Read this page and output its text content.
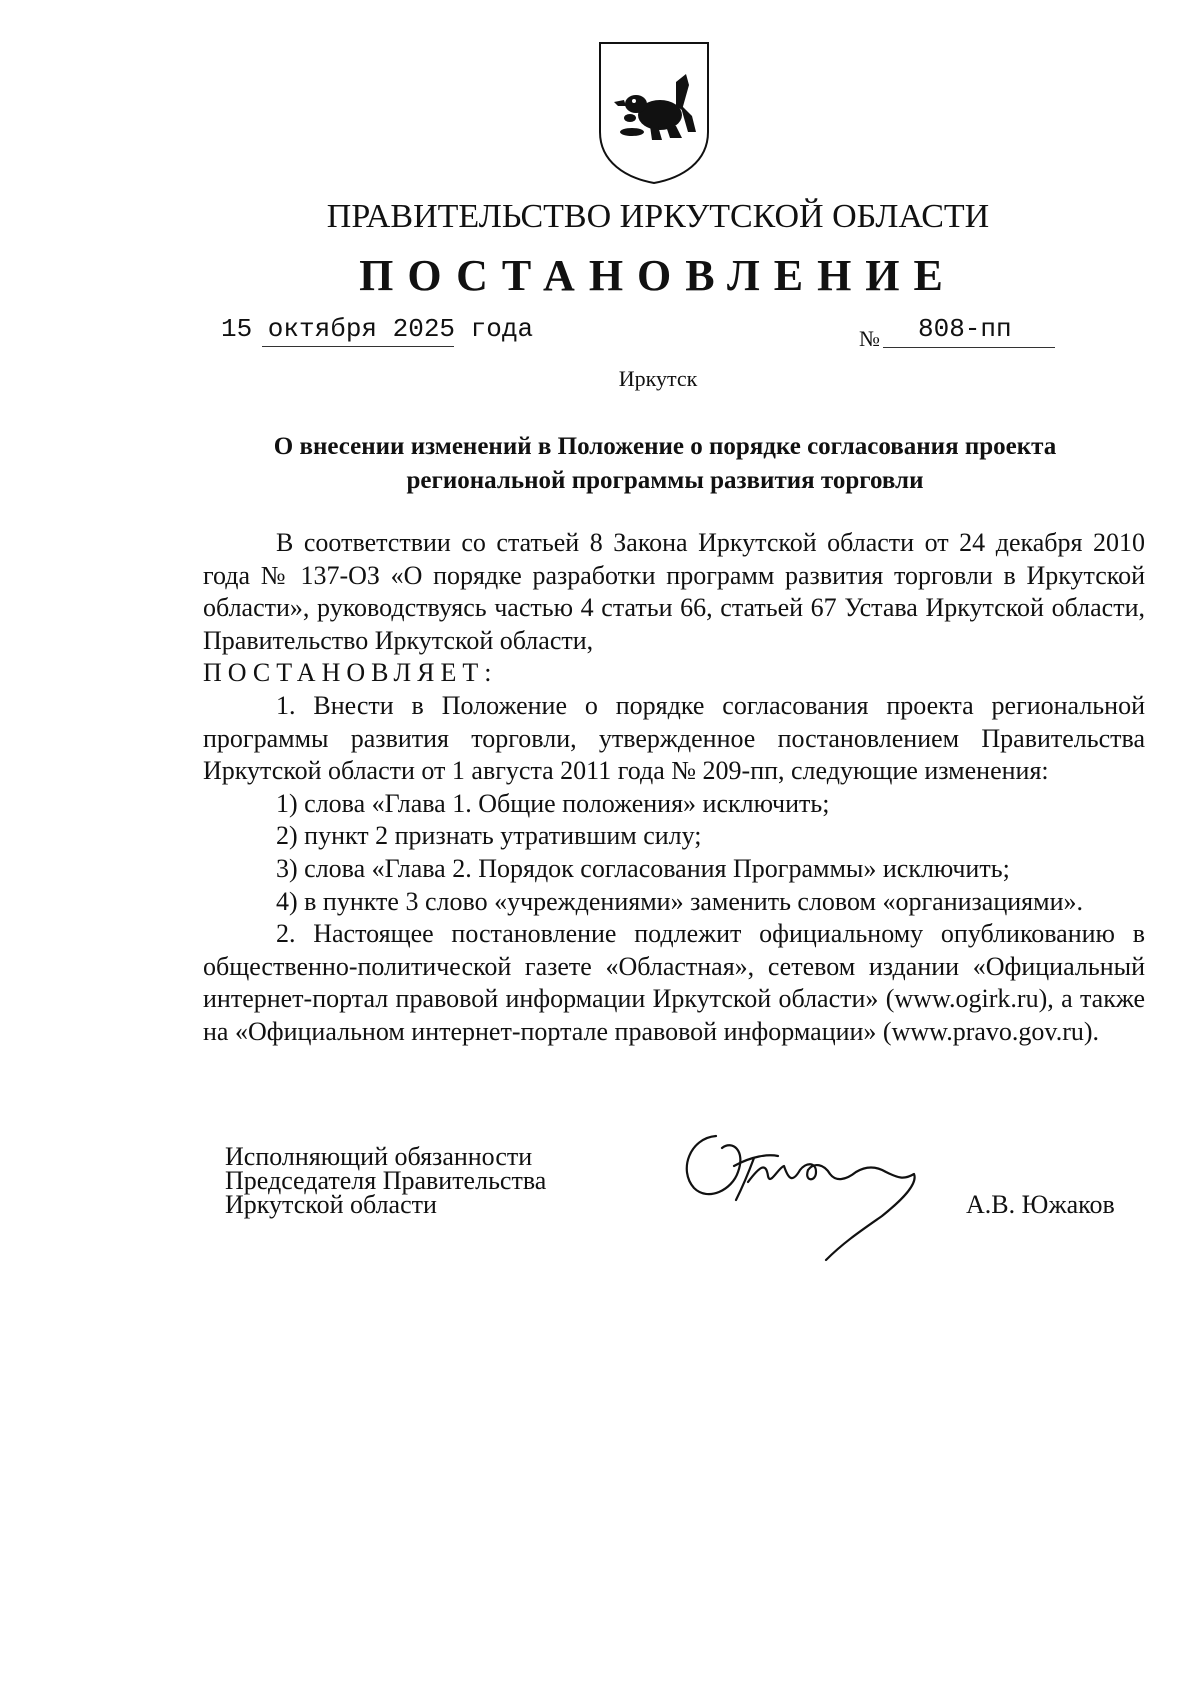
ПРАВИТЕЛЬСТВО ИРКУТСКОЙ ОБЛАСТИ
ПОСТАНОВЛЕНИЕ
15 октября 2025 года	№ 808-пп
Иркутск
О внесении изменений в Положение о порядке согласования проекта
региональной программы развития торговли

В соответствии со статьей 8 Закона Иркутской области от 24 декабря 2010 года № 137-ОЗ «О порядке разработки программ развития торговли в Иркутской области», руководствуясь частью 4 статьи 66, статьей 67 Устава Иркутской области, Правительство Иркутской области,

ПОСТАНОВЛЯЕТ:

1. Внести в Положение о порядке согласования проекта региональной программы развития торговли, утвержденное постановлением Правительства Иркутской области от 1 августа 2011 года № 209-пп, следующие изменения:

1) слова «Глава 1. Общие положения» исключить;

2) пункт 2 признать утратившим силу;

3) слова «Глава 2. Порядок согласования Программы» исключить;

4) в пункте 3 слово «учреждениями» заменить словом «организациями».

2. Настоящее постановление подлежит официальному опубликованию в общественно-политической газете «Областная», сетевом издании «Официальный интернет-портал правовой информации Иркутской области» (www.ogirk.ru), а также на «Официальном интернет-портале правовой информации» (www.pravo.gov.ru).

Исполняющий обязанности
Председателя Правительства
Иркутской области	А.В. Южаков
